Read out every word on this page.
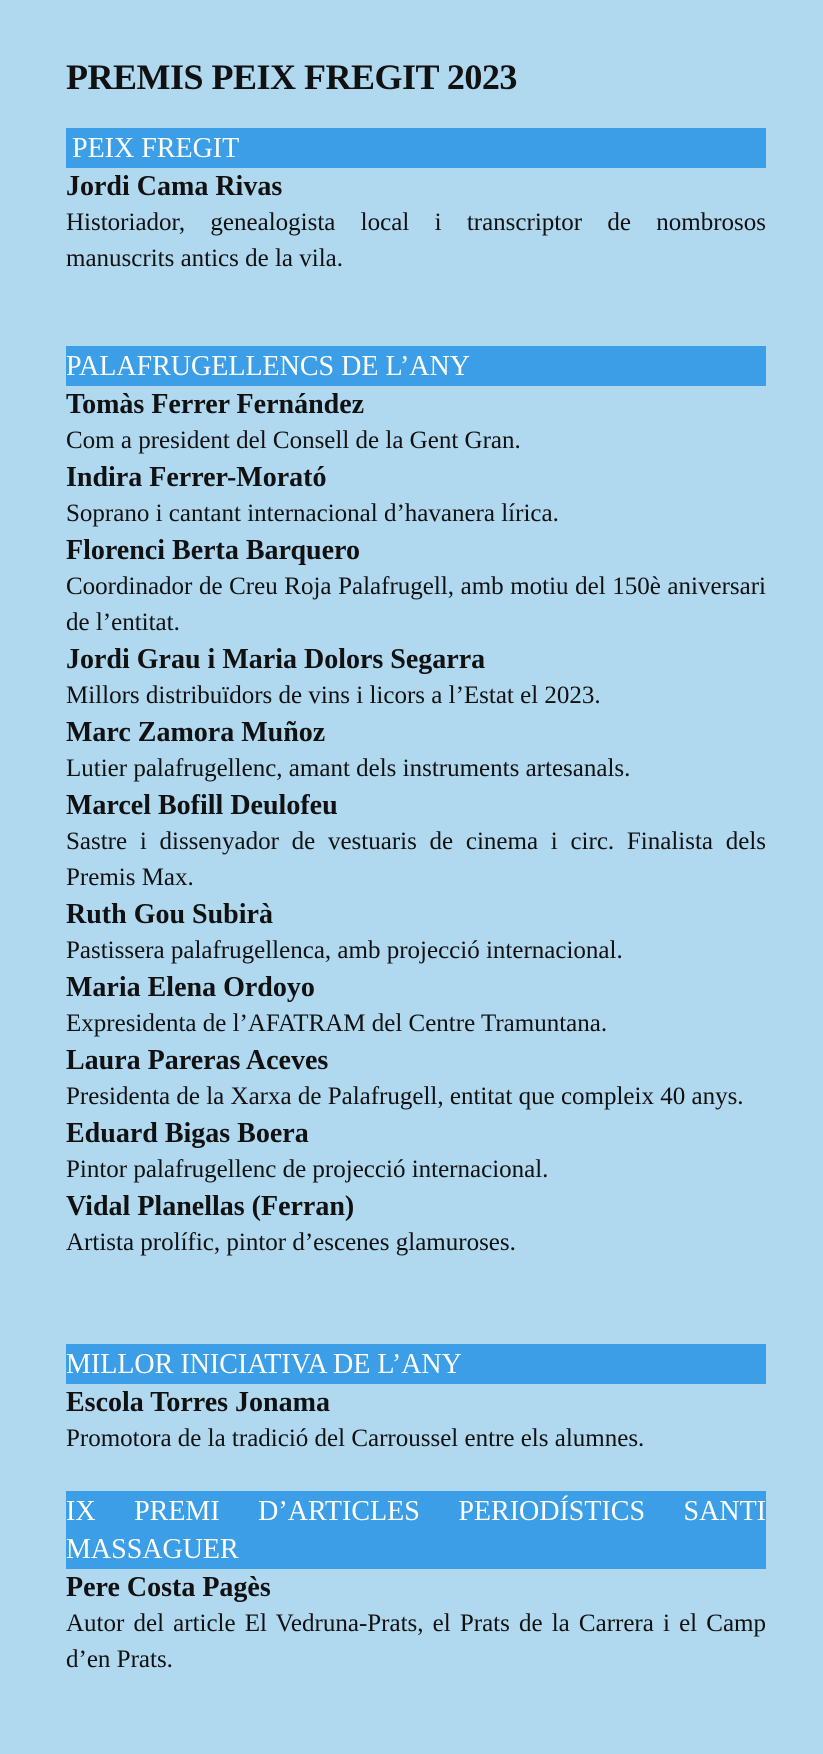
PREMIS PEIX FREGIT 2023
PEIX FREGIT
Jordi Cama Rivas
Historiador, genealogista local i transcriptor de nombrosos manuscrits antics de la vila.
PALAFRUGELLENCS DE L’ANY
Tomàs Ferrer Fernández
Com a president del Consell de la Gent Gran.
Indira Ferrer-Morató
Soprano i cantant internacional d’havanera lírica.
Florenci Berta Barquero
Coordinador de Creu Roja Palafrugell, amb motiu del 150è aniversari de l’entitat.
Jordi Grau i Maria Dolors Segarra
Millors distribuïdors de vins i licors a l’Estat el 2023.
Marc Zamora Muñoz
Lutier palafrugellenc, amant dels instruments artesanals.
Marcel Bofill Deulofeu
Sastre i dissenyador de vestuaris de cinema i circ. Finalista dels Premis Max.
Ruth Gou Subirà
Pastissera palafrugellenca, amb projecció internacional.
Maria Elena Ordoyo
Expresidenta de l’AFATRAM del Centre Tramuntana.
Laura Pareras Aceves
Presidenta de la Xarxa de Palafrugell, entitat que compleix 40 anys.
Eduard Bigas Boera
Pintor palafrugellenc de projecció internacional.
Vidal Planellas (Ferran)
Artista prolífic, pintor d’escenes glamuroses.
MILLOR INICIATIVA DE L’ANY
Escola Torres Jonama
Promotora de la tradició del Carroussel entre els alumnes.
IX PREMI D’ARTICLES PERIODÍSTICS SANTI MASSAGUER
Pere Costa Pagès
Autor del article El Vedruna-Prats, el Prats de la Carrera i el Camp d’en Prats.
